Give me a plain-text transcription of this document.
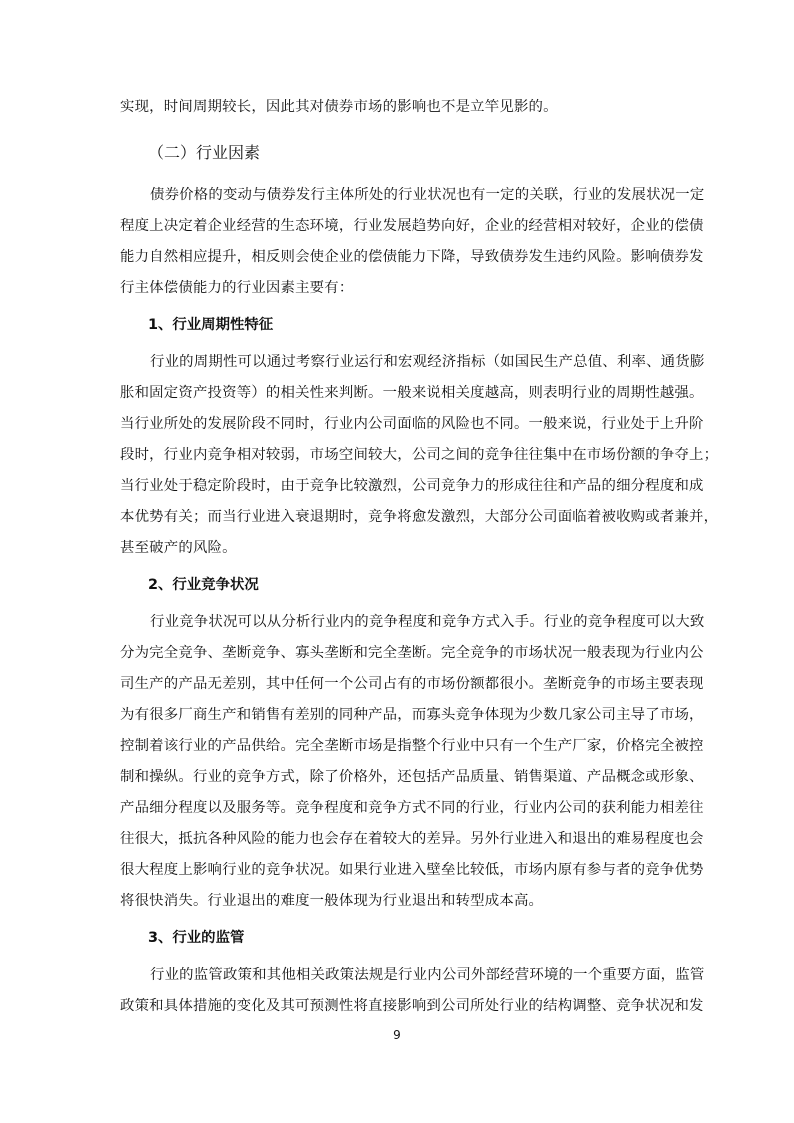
实现，时间周期较长，因此其对债券市场的影响也不是立竿见影的。

（二）行业因素

债券价格的变动与债券发行主体所处的行业状况也有一定的关联，行业的发展状况一定

程度上决定着企业经营的生态环境，行业发展趋势向好，企业的经营相对较好，企业的偿债

能力自然相应提升，相反则会使企业的偿债能力下降，导致债券发生违约风险。影响债券发

行主体偿债能力的行业因素主要有：

1、行业周期性特征

行业的周期性可以通过考察行业运行和宏观经济指标（如国民生产总值、利率、通货膨

胀和固定资产投资等）的相关性来判断。一般来说相关度越高，则表明行业的周期性越强。

当行业所处的发展阶段不同时，行业内公司面临的风险也不同。一般来说，行业处于上升阶

段时，行业内竞争相对较弱，市场空间较大，公司之间的竞争往往集中在市场份额的争夺上；

当行业处于稳定阶段时，由于竞争比较激烈，公司竞争力的形成往往和产品的细分程度和成

本优势有关；而当行业进入衰退期时，竞争将愈发激烈，大部分公司面临着被收购或者兼并，

甚至破产的风险。

2、行业竞争状况

行业竞争状况可以从分析行业内的竞争程度和竞争方式入手。行业的竞争程度可以大致

分为完全竞争、垄断竞争、寡头垄断和完全垄断。完全竞争的市场状况一般表现为行业内公

司生产的产品无差别，其中任何一个公司占有的市场份额都很小。垄断竞争的市场主要表现

为有很多厂商生产和销售有差别的同种产品，而寡头竞争体现为少数几家公司主导了市场，

控制着该行业的产品供给。完全垄断市场是指整个行业中只有一个生产厂家，价格完全被控

制和操纵。行业的竞争方式，除了价格外，还包括产品质量、销售渠道、产品概念或形象、

产品细分程度以及服务等。竞争程度和竞争方式不同的行业，行业内公司的获利能力相差往

往很大，抵抗各种风险的能力也会存在着较大的差异。另外行业进入和退出的难易程度也会

很大程度上影响行业的竞争状况。如果行业进入壁垒比较低，市场内原有参与者的竞争优势

将很快消失。行业退出的难度一般体现为行业退出和转型成本高。

3、行业的监管

行业的监管政策和其他相关政策法规是行业内公司外部经营环境的一个重要方面，监管

政策和具体措施的变化及其可预测性将直接影响到公司所处行业的结构调整、竞争状况和发

9
